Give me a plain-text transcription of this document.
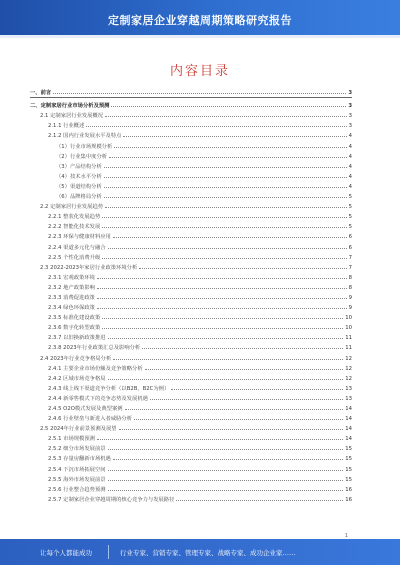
定制家居企业穿越周期策略研究报告
内容目录
一、前言	3
二、定制家居行业市场分析及预测	3
2.1 定制家居行业发展概况	3
2.1.1 行业概述	3
2.1.2 国内行业发展水平及特点	4
（1）行业市场规模分析	4
（2）行业集中度分析	4
（3）产品结构分析	4
（4）技术水平分析	4
（5）渠道结构分析	4
（6）品牌格局分析	5
2.2 定制家居行业发展趋势	5
2.2.1 整装化发展趋势	5
2.2.2 智能化技术发展	5
2.2.3 环保与健康材料应用	6
2.2.4 渠道多元化与融合	6
2.2.5 个性化消费升级	7
2.3 2022-2023年家居行业政策环境分析	7
2.3.1 宏观政策环境	8
2.3.2 地产政策影响	8
2.3.3 消费促进政策	9
2.3.4 绿色环保政策	9
2.3.5 标准化建设政策	10
2.3.6 数字化转型政策	10
2.3.7 以旧换新政策推进	11
2.3.8 2023年行业政策汇总及影响分析	11
2.4 2023年行业竞争格局分析	12
2.4.1 主要企业市场份额及竞争策略分析	12
2.4.2 区域市场竞争格局	12
2.4.3 线上线下渠道竞争分析（以B2B、B2C为例）	13
2.4.4 新零售模式下的竞争态势及发展机遇	13
2.4.5 O2O模式发展及典型案例	14
2.4.6 行业壁垒与新进入者威胁分析	14
2.5 2024年行业前景预测及展望	14
2.5.1 市场规模预测	14
2.5.2 细分市场发展前景	15
2.5.3 存量房翻新市场机遇	15
2.5.4 下沉市场拓展空间	15
2.5.5 海外市场发展前景	15
2.5.6 行业整合趋势预测	16
2.5.7 定制家居企业穿越周期的核心竞争力与发展路径	16
1
让每个人都能成功	行业专家、营销专家、管理专家、战略专家、成功企业家……
